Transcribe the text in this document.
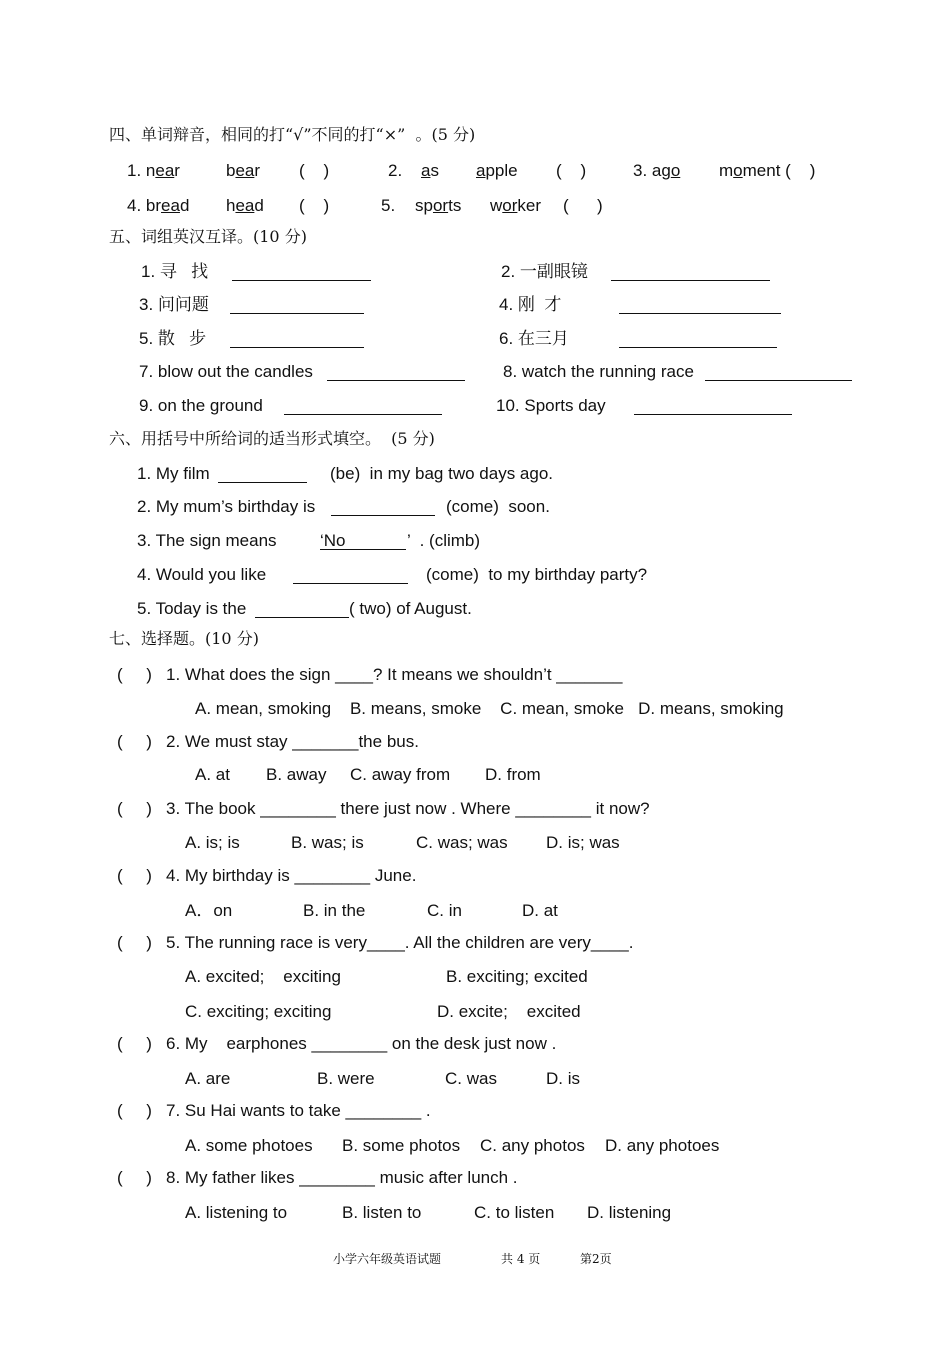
四、单词辩音，相同的打“√”不同的打“×”  。(5 分)
1. near	bear (    )	2. as apple (    )	3. ago moment (    )
4. bread head (    )	5. sports worker (      )
五、词组英汉互译。(10 分)
1. 寻   找	2. 一副眼镜
3. 问问题	4. 刚  才
5. 散   步	6. 在三月
7. blow out the candles	8. watch the running race
9. on the ground	10. Sports day
六、用括号中所给词的适当形式填空。  (5 分)
1. My film	(be)  in my bag two days ago.
2. My mum’s birthday is	(come)  soon.
3. The sign means	‘No	’  . (climb)
4. Would you like	(come)  to my birthday party?
5. Today is the	( two) of August.
七、选择题。(10 分)
(     ) 1. What does the sign ____? It means we shouldn’t _______
A. mean, smoking    B. means, smoke    C. mean, smoke   D. means, smoking
(     ) 2. We must stay _______the bus.
A. at B. away C. away from D. from
(     ) 3. The book ________ there just now . Where ________ it now?
A. is; is	B. was; is	C. was; was D. is; was
(     ) 4. My birthday is ________ June.
A．on	B. in the	C. in	D. at
(     ) 5. The running race is very____. All the children are very____.
A. excited;    exciting	B. exciting; excited
C. exciting; exciting	D. excite;    excited
(     ) 6. My    earphones ________ on the desk just now .
A. are	B. were	C. was	D. is
(     ) 7. Su Hai wants to take ________ .
A. some photoes B. some photos C. any photos D. any photoes
(     ) 8. My father likes ________ music after lunch .
A. listening to	B. listen to	C. to listen D. listening
小学六年级英语试题	共 4 页	第2页
